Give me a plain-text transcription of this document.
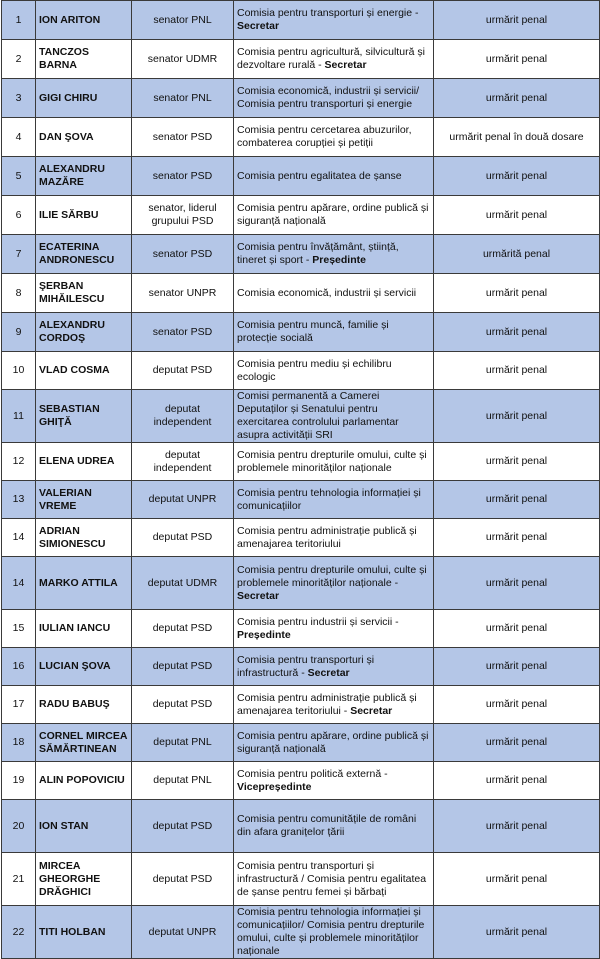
1	ION ARITON	senator PNL	Comisia pentru transporturi și energie - Secretar	urmărit penal
2	TANCZOS BARNA	senator UDMR	Comisia pentru agricultură, silvicultură și dezvoltare rurală - Secretar	urmărit penal
3	GIGI CHIRU	senator PNL	Comisia economică, industrii și servicii/ Comisia pentru transporturi și energie	urmărit penal
4	DAN ŞOVA	senator PSD	Comisia pentru cercetarea abuzurilor, combaterea corupției și petiții	urmărit penal în două dosare
5	ALEXANDRU MAZĂRE	senator PSD	Comisia pentru egalitatea de șanse	urmărit penal
6	ILIE SĂRBU	senator, liderul grupului PSD	Comisia pentru apărare, ordine publică și siguranță națională	urmărit penal
7	ECATERINA ANDRONESCU	senator PSD	Comisia pentru învățământ, știință, tineret și sport - Președinte	urmărită penal
8	ŞERBAN MIHĂILESCU	senator UNPR	Comisia economică, industrii și servicii	urmărit penal
9	ALEXANDRU CORDOŞ	senator PSD	Comisia pentru muncă, familie și protecție socială	urmărit penal
10	VLAD COSMA	deputat PSD	Comisia pentru mediu și echilibru ecologic	urmărit penal
11	SEBASTIAN GHIŢĂ	deputat independent	Comisi permanentă a Camerei Deputaților și Senatului pentru exercitarea controlului parlamentar asupra activității SRI	urmărit penal
12	ELENA UDREA	deputat independent	Comisia pentru drepturile omului, culte și problemele minorităților naționale	urmărit penal
13	VALERIAN VREME	deputat UNPR	Comisia pentru tehnologia informației și comunicațiilor	urmărit penal
14	ADRIAN SIMIONESCU	deputat PSD	Comisia pentru administrație publică și amenajarea teritoriului	urmărit penal
14	MARKO ATTILA	deputat UDMR	Comisia pentru drepturile omului, culte și problemele minorităților naționale - Secretar	urmărit penal
15	IULIAN IANCU	deputat PSD	Comisia pentru industrii și servicii - Președinte	urmărit penal
16	LUCIAN ŞOVA	deputat PSD	Comisia pentru transporturi și infrastructură - Secretar	urmărit penal
17	RADU BABUŞ	deputat PSD	Comisia pentru administrație publică și amenajarea teritoriului - Secretar	urmărit penal
18	CORNEL MIRCEA SĂMĂRTINEAN	deputat PNL	Comisia pentru apărare, ordine publică și siguranță națională	urmărit penal
19	ALIN POPOVICIU	deputat PNL	Comisia pentru politică externă - Vicepreședinte	urmărit penal
20	ION STAN	deputat PSD	Comisia pentru comunitățile de români din afara granițelor țării	urmărit penal
21	MIRCEA GHEORGHE DRĂGHICI	deputat PSD	Comisia pentru transporturi și infrastructură / Comisia pentru egalitatea de șanse pentru femei și bărbați	urmărit penal
22	TITI HOLBAN	deputat UNPR	Comisia pentru tehnologia informației și comunicațiilor/ Comisia pentru drepturile omului, culte și problemele minorităților naționale	urmărit penal
